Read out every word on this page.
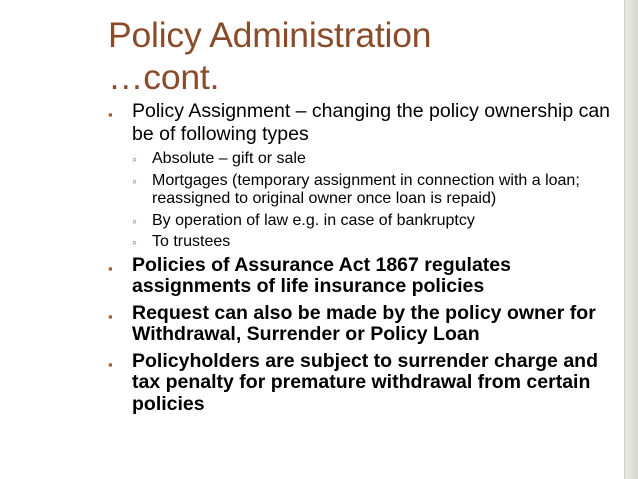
Policy Administration
…cont.
▪ Policy Assignment – changing the policy ownership can be of following types
◦ Absolute – gift or sale
◦ Mortgages (temporary assignment in connection with a loan; reassigned to original owner once loan is repaid)
◦ By operation of law e.g. in case of bankruptcy
◦ To trustees
▪ Policies of Assurance Act 1867 regulates assignments of life insurance policies
▪ Request can also be made by the policy owner for Withdrawal, Surrender or Policy Loan
▪ Policyholders are subject to surrender charge and tax penalty for premature withdrawal from certain policies
